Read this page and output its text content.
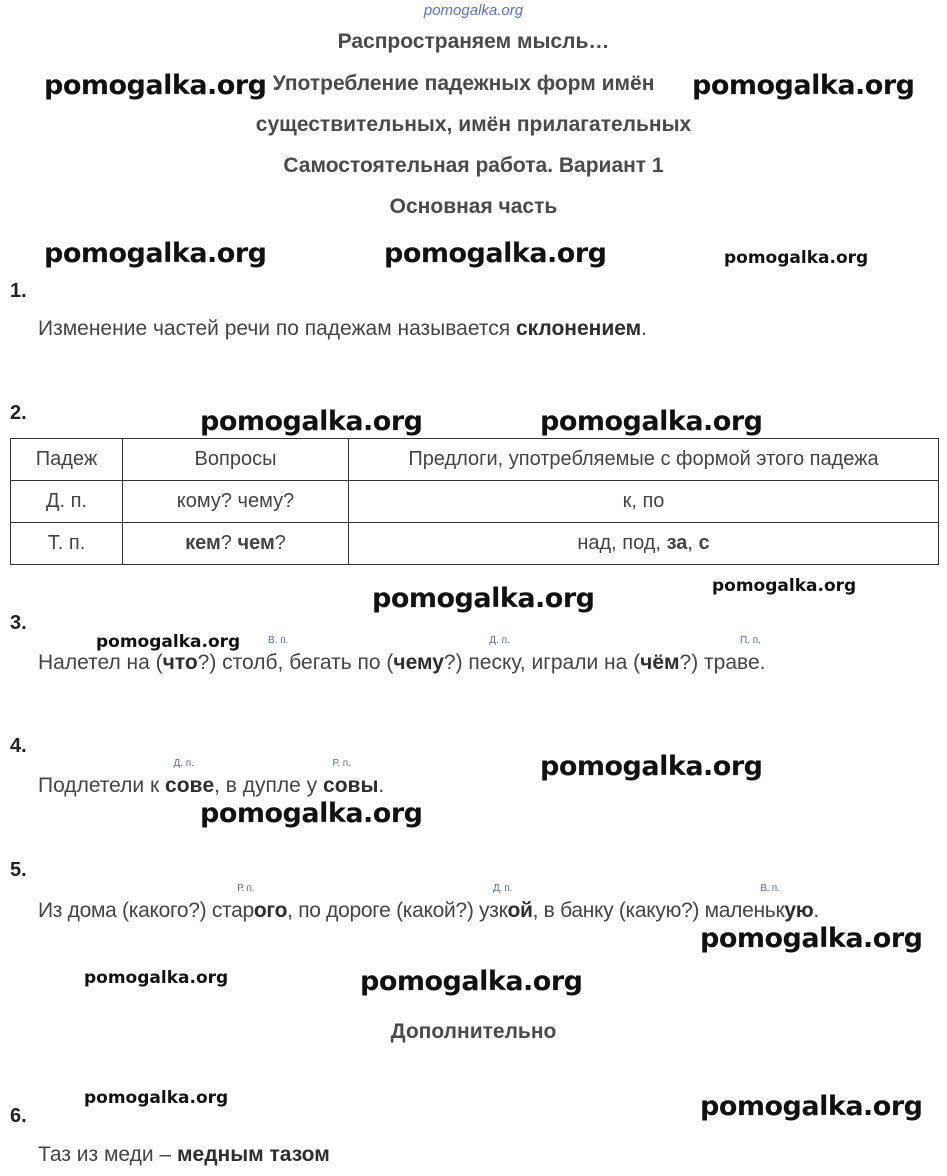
pomogalka.org
Распространяем мысль…
Употребление падежных форм имён
существительных, имён прилагательных
Самостоятельная работа. Вариант 1
Основная часть
Дополнительно
pomogalka.org	pomogalka.org
pomogalka.org	pomogalka.org	pomogalka.org
pomogalka.org	pomogalka.org
pomogalka.org	pomogalka.org
pomogalka.org
pomogalka.org
pomogalka.org
pomogalka.org
pomogalka.org	pomogalka.org
pomogalka.org	pomogalka.org
1.
Изменение частей речи по падежам называется склонением.
2.
Падеж	Вопросы	Предлоги, употребляемые с формой этого падежа
Д. п.	кому? чему?	к, по
Т. п.	кем? чем?	над, под, за, с
3.
Налетел на (что
В. п.
?) столб, бегать по (чему
Д. п.
?) песку, играли на (чём
П. п.
?) траве.
4.
Подлетели к сов
Д. п.
е, в дупле у сов
Р. п.
ы.
5.
Из дома (какого?) старого
Р. п.
, по дороге (какой?) узкой
Д. п.
, в банку (какую?) маленькую
В. п.
.
6.
Таз из меди – медным тазом
